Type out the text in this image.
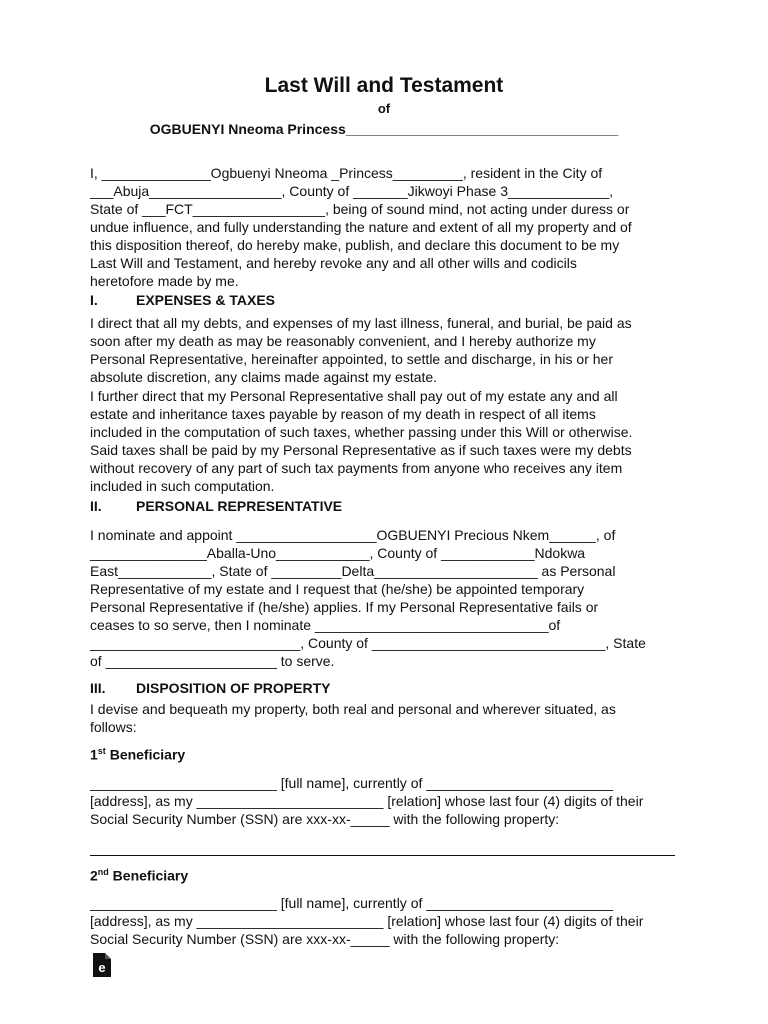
Last Will and Testament
of
OGBUENYI Nneoma Princess___________________________________
I, ______________Ogbuenyi Nneoma _Princess_________, resident in the City of
___Abuja_________________, County of _______Jikwoyi Phase 3_____________,
State of ___FCT_________________, being of sound mind, not acting under duress or
undue influence, and fully understanding the nature and extent of all my property and of
this disposition thereof, do hereby make, publish, and declare this document to be my
Last Will and Testament, and hereby revoke any and all other wills and codicils
heretofore made by me.
I.	EXPENSES & TAXES
I direct that all my debts, and expenses of my last illness, funeral, and burial, be paid as
soon after my death as may be reasonably convenient, and I hereby authorize my
Personal Representative, hereinafter appointed, to settle and discharge, in his or her
absolute discretion, any claims made against my estate.
I further direct that my Personal Representative shall pay out of my estate any and all
estate and inheritance taxes payable by reason of my death in respect of all items
included in the computation of such taxes, whether passing under this Will or otherwise.
Said taxes shall be paid by my Personal Representative as if such taxes were my debts
without recovery of any part of such tax payments from anyone who receives any item
included in such computation.
II. PERSONAL REPRESENTATIVE
I nominate and appoint __________________OGBUENYI Precious Nkem______, of
_______________Aballa-Uno____________, County of ____________Ndokwa
East____________, State of _________Delta_____________________ as Personal
Representative of my estate and I request that (he/she) be appointed temporary
Personal Representative if (he/she) applies. If my Personal Representative fails or
ceases to so serve, then I nominate ______________________________of
___________________________, County of ______________________________, State
of ______________________ to serve.
III. DISPOSITION OF PROPERTY
I devise and bequeath my property, both real and personal and wherever situated, as
follows:
1st Beneficiary
________________________ [full name], currently of ________________________
[address], as my ________________________ [relation] whose last four (4) digits of their
Social Security Number (SSN) are xxx-xx-_____ with the following property:
2nd Beneficiary
________________________ [full name], currently of ________________________
[address], as my ________________________ [relation] whose last four (4) digits of their
Social Security Number (SSN) are xxx-xx-_____ with the following property:
e
